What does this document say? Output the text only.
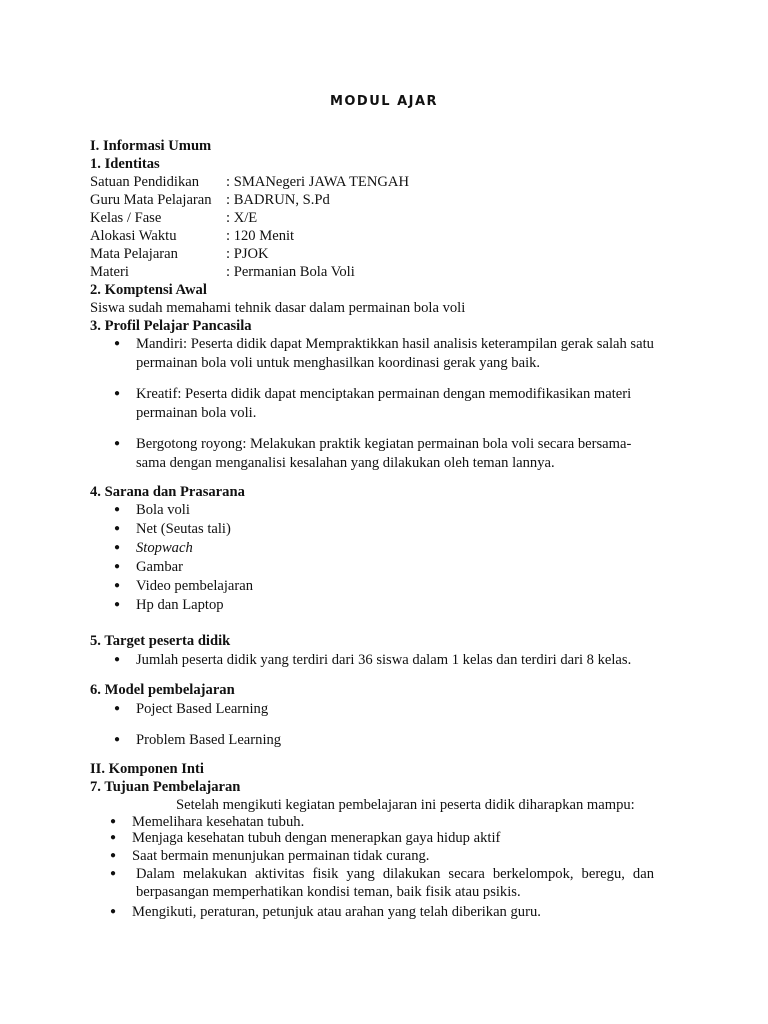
MODUL AJAR
I. Informasi Umum
1. Identitas
Satuan Pendidikan : SMANegeri JAWA TENGAH
Guru Mata Pelajaran : BADRUN, S.Pd
Kelas / Fase	: X/E
Alokasi Waktu	: 120 Menit
Mata Pelajaran	: PJOK
Materi	: Permanian Bola Voli
2. Komptensi Awal
Siswa sudah memahami tehnik dasar dalam permainan bola voli
3. Profil Pelajar Pancasila
● Mandiri: Peserta didik dapat Mempraktikkan hasil analisis keterampilan gerak salah satu
permainan bola voli untuk menghasilkan koordinasi gerak yang baik.
● Kreatif: Peserta didik dapat menciptakan permainan dengan memodifikasikan materi
permainan bola voli.
● Bergotong royong: Melakukan praktik kegiatan permainan bola voli secara bersama-
sama dengan menganalisi kesalahan yang dilakukan oleh teman lannya.
4. Sarana dan Prasarana
● Bola voli
● Net (Seutas tali)
● Stopwach
● Gambar
● Video pembelajaran
● Hp dan Laptop
5. Target peserta didik
● Jumlah peserta didik yang terdiri dari 36 siswa dalam 1 kelas dan terdiri dari 8 kelas.
6. Model pembelajaran
● Poject Based Learning
● Problem Based Learning
II. Komponen Inti
7. Tujuan Pembelajaran
Setelah mengikuti kegiatan pembelajaran ini peserta didik diharapkan mampu:
● Memelihara kesehatan tubuh.
● Menjaga kesehatan tubuh dengan menerapkan gaya hidup aktif
● Saat bermain menunjukan permainan tidak curang.
● Dalam melakukan aktivitas fisik yang dilakukan secara berkelompok, beregu, dan
berpasangan memperhatikan kondisi teman, baik fisik atau psikis.
● Mengikuti, peraturan, petunjuk atau arahan yang telah diberikan guru.
